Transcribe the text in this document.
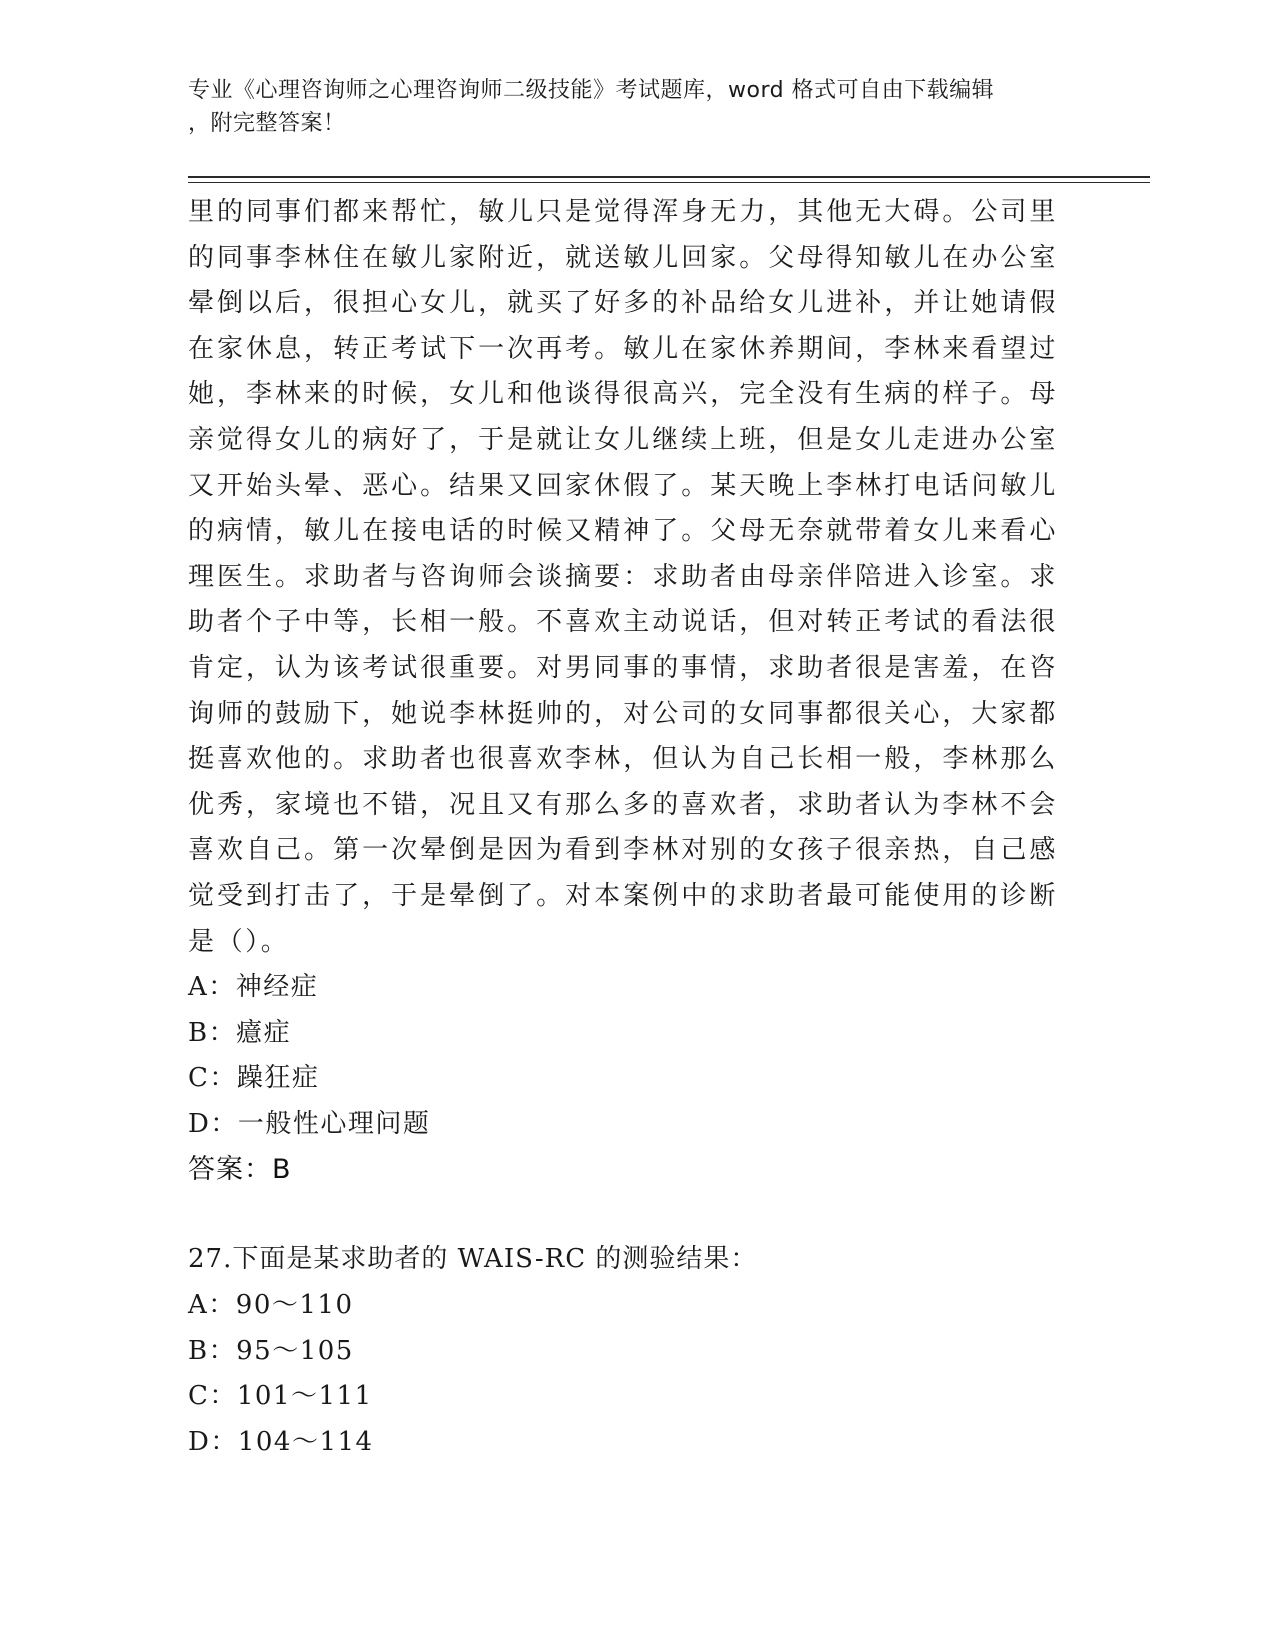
专业《心理咨询师之心理咨询师二级技能》考试题库，word 格式可自由下载编辑
，附完整答案！

里的同事们都来帮忙，敏儿只是觉得浑身无力，其他无大碍。公司里的同事李林住在敏儿家附近，就送敏儿回家。父母得知敏儿在办公室晕倒以后，很担心女儿，就买了好多的补品给女儿进补，并让她请假在家休息，转正考试下一次再考。敏儿在家休养期间，李林来看望过她，李林来的时候，女儿和他谈得很高兴，完全没有生病的样子。母亲觉得女儿的病好了，于是就让女儿继续上班，但是女儿走进办公室又开始头晕、恶心。结果又回家休假了。某天晚上李林打电话问敏儿的病情，敏儿在接电话的时候又精神了。父母无奈就带着女儿来看心理医生。求助者与咨询师会谈摘要：求助者由母亲伴陪进入诊室。求助者个子中等，长相一般。不喜欢主动说话，但对转正考试的看法很肯定，认为该考试很重要。对男同事的事情，求助者很是害羞，在咨询师的鼓励下，她说李林挺帅的，对公司的女同事都很关心，大家都挺喜欢他的。求助者也很喜欢李林，但认为自己长相一般，李林那么优秀，家境也不错，况且又有那么多的喜欢者，求助者认为李林不会喜欢自己。第一次晕倒是因为看到李林对别的女孩子很亲热，自己感觉受到打击了，于是晕倒了。对本案例中的求助者最可能使用的诊断是（）。

A：神经症

B：癔症

C：躁狂症

D：一般性心理问题

答案：B

27.下面是某求助者的 WAIS-RC 的测验结果：

A：90～110

B：95～105

C：101～111

D：104～114
